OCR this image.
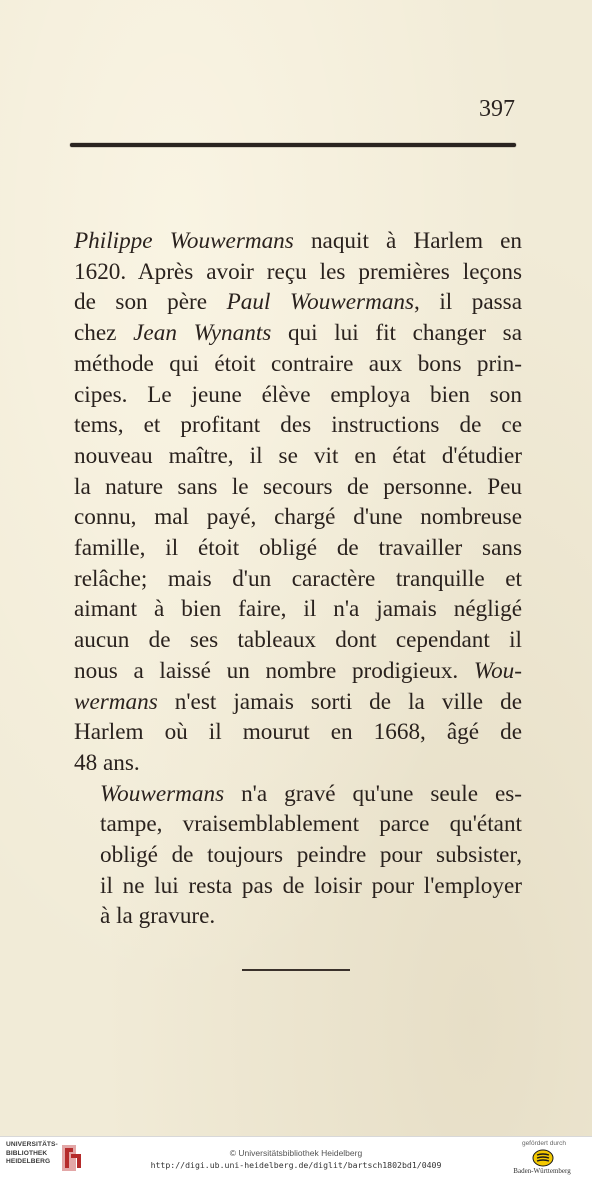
397

Philippe Wouwermans naquit à Harlem en
1620. Après avoir reçu les premières leçons
de son père Paul Wouwermans, il passa
chez Jean Wynants qui lui fit changer sa
méthode qui étoit contraire aux bons prin-
cipes. Le jeune élève employa bien son
tems, et profitant des instructions de ce
nouveau maître, il se vit en état d'étudier
la nature sans le secours de personne. Peu
connu, mal payé, chargé d'une nombreuse
famille, il étoit obligé de travailler sans
relâche; mais d'un caractère tranquille et
aimant à bien faire, il n'a jamais négligé
aucun de ses tableaux dont cependant il
nous a laissé un nombre prodigieux. Wou-
wermans n'est jamais sorti de la ville de
Harlem où il mourut en 1668, âgé de
48 ans.

Wouwermans n'a gravé qu'une seule es-
tampe, vraisemblablement parce qu'étant
obligé de toujours peindre pour subsister,
il ne lui resta pas de loisir pour l'employer
à la gravure.

UNIVERSITÄTS-BIBLIOTHEK HEIDELBERG
© Universitätsbibliothek Heidelberg
http://digi.ub.uni-heidelberg.de/diglit/bartsch1802bd1/0409
gefördert durch
Baden-Württemberg
